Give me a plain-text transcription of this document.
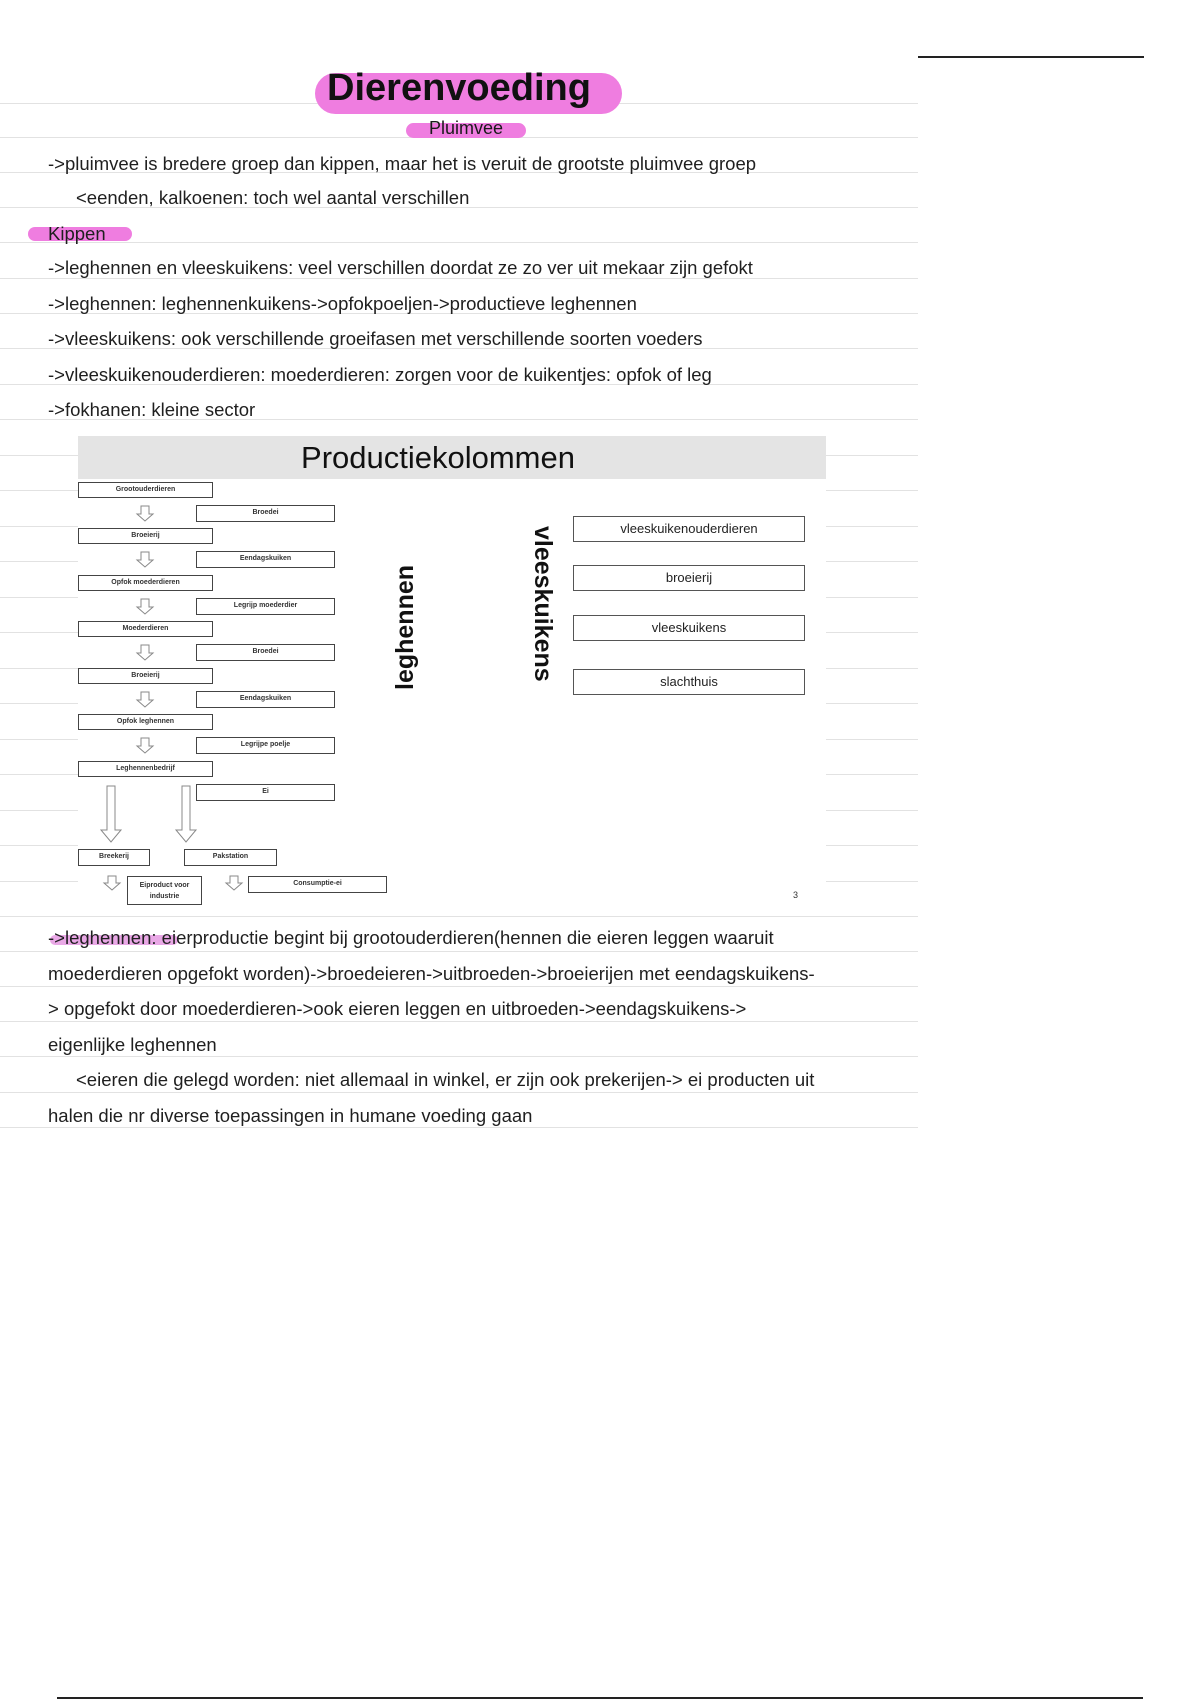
Dierenvoeding
Pluimvee
->pluimvee is bredere groep dan kippen, maar het is veruit de grootste pluimvee groep
<eenden, kalkoenen: toch wel aantal verschillen
Kippen
->leghennen en vleeskuikens: veel verschillen doordat ze zo ver uit mekaar zijn gefokt
->leghennen: leghennenkuikens->opfokpoeljen->productieve leghennen
->vleeskuikens: ook verschillende groeifasen met verschillende soorten voeders
->vleeskuikenouderdieren: moederdieren: zorgen voor de kuikentjes: opfok of leg
->fokhanen: kleine sector
Productiekolommen
Grootouderdieren
Broeierij
Opfok moederdieren
Moederdieren
Broeierij
Opfok leghennen
Leghennenbedrijf
Broedei
Eendagskuiken
Legrijp moederdier
Broedei
Eendagskuiken
Legrijpe poelje
Ei
Breekerij	Pakstation
Eiproduct voor industrie
Consumptie-ei
leghennen	vleeskuikens	vleeskuikenouderdieren
broeierij
vleeskuikens
slachthuis
3
->leghennen: eierproductie begint bij grootouderdieren(hennen die eieren leggen waaruit
moederdieren opgefokt worden)->broedeieren->uitbroeden->broeierijen met eendagskuikens-
> opgefokt door moederdieren->ook eieren leggen en uitbroeden->eendagskuikens->
eigenlijke leghennen
<eieren die gelegd worden: niet allemaal in winkel, er zijn ook prekerijen-> ei producten uit
halen die nr diverse toepassingen in humane voeding gaan
